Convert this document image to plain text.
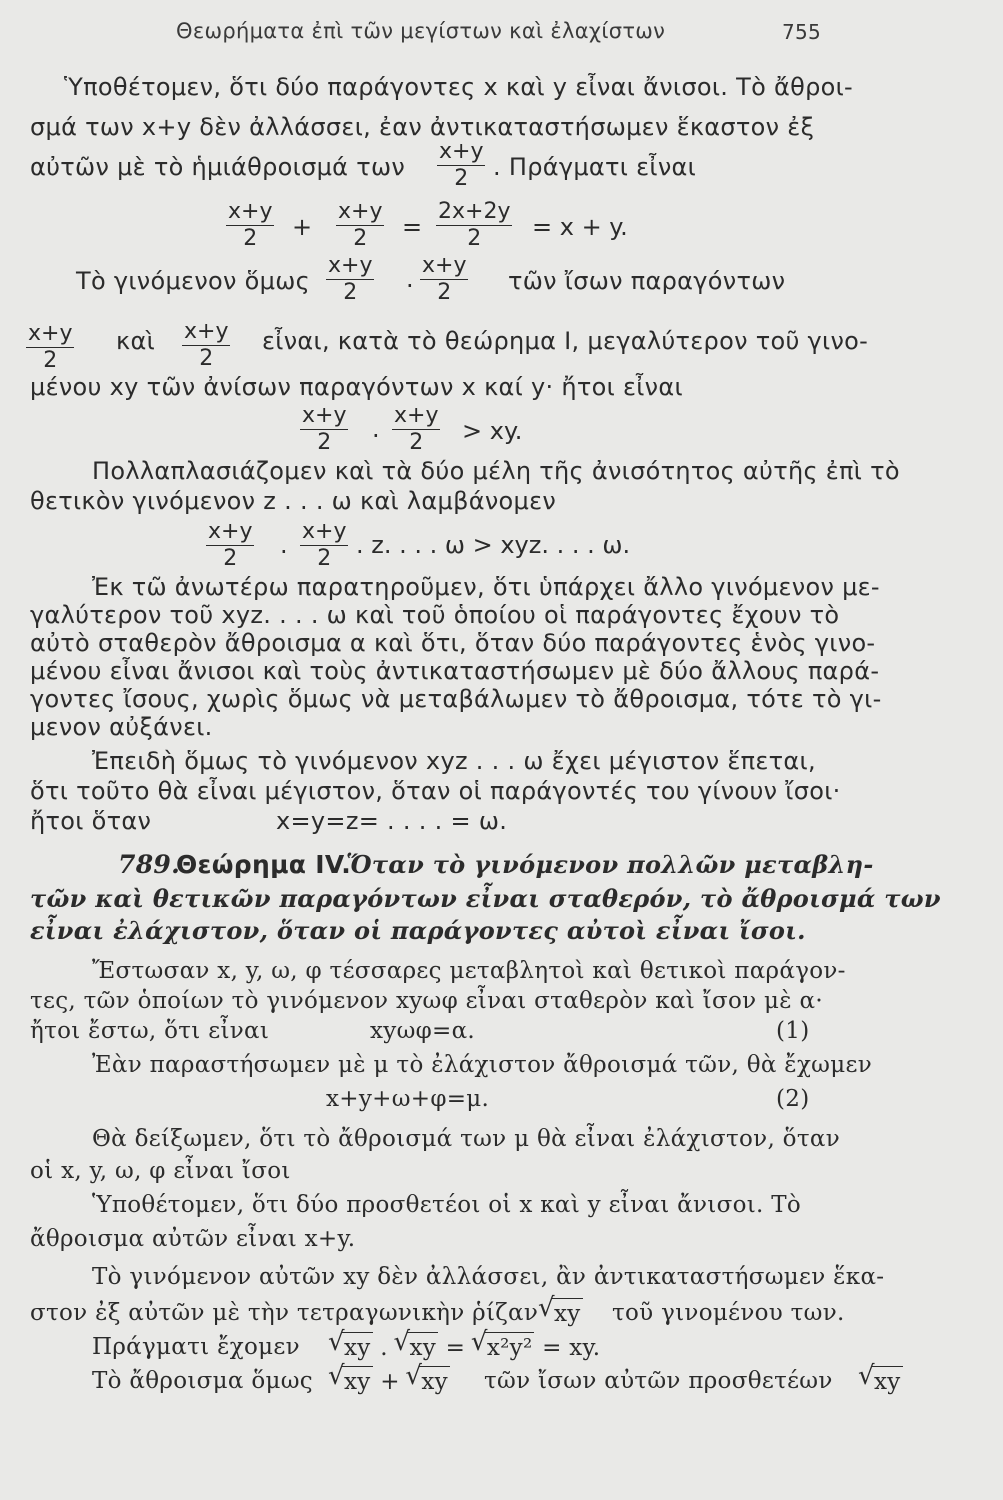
Θεωρήματα ἐπὶ τῶν μεγίστων καὶ ἐλαχίστων	755
Ὑποθέτομεν, ὅτι δύο παράγοντες x καὶ y εἶναι ἄνισοι. Τὸ ἄθροι-
σμά των x+y δὲν ἀλλάσσει, ἐαν ἀντικαταστήσωμεν ἕκαστον ἐξ
αὐτῶν μὲ τὸ ἡμιάθροισμά των
x+y
2 . Πράγματι εἶναι
x+y
2 +
x+y
2 =
2x+2y
2 = x + y.
Τὸ γινόμενον ὅμως
x+y
2 . x+y
2 τῶν ἴσων παραγόντων
x+y
2
καὶ x+y
2
εἶναι, κατὰ τὸ θεώρημα Ι, μεγαλύτερον τοῦ γινο-
μένου xy τῶν ἀνίσων παραγόντων x καί y· ἤτοι εἶναι
x+y
2 . x+y
2 > xy.
Πολλαπλασιάζομεν καὶ τὰ δύο μέλη τῆς ἀνισότητος αὐτῆς ἐπὶ τὸ
θετικὸν γινόμενον z . . . ω καὶ λαμβάνομεν
x+y
2 . x+y
2 . z. . . . ω > xyz. . . . ω.
Ἐκ τῶ ἀνωτέρω παρατηροῦμεν, ὅτι ὑπάρχει ἄλλο γινόμενον με-
γαλύτερον τοῦ xyz. . . . ω καὶ τοῦ ὁποίου οἱ παράγοντες ἔχουν τὸ
αὐτὸ σταθερὸν ἄθροισμα α καὶ ὅτι, ὅταν δύο παράγοντες ἑνὸς γινο-
μένου εἶναι ἄνισοι καὶ τοὺς ἀντικαταστήσωμεν μὲ δύο ἄλλους παρά-
γοντες ἴσους, χωρὶς ὅμως νὰ μεταβάλωμεν τὸ ἄθροισμα, τότε τὸ γι-
μενον αὐξάνει.
Ἐπειδὴ ὅμως τὸ γινόμενον xyz . . . ω ἔχει μέγιστον ἕπεται,
ὅτι τοῦτο θὰ εἶναι μέγιστον, ὅταν οἱ παράγοντές του γίνουν ἴσοι·
ἤτοι ὅταν	x=y=z= . . . . = ω.
789.
Θεώρημα IV.
Ὅταν τὸ γινόμενον πολλῶν μεταβλη-
τῶν καὶ θετικῶν παραγόντων εἶναι σταθερόν, τὸ ἄθροισμά των
εἶναι ἐλάχιστον, ὅταν οἱ παράγοντες αὐτοὶ εἶναι ἴσοι.
Ἔστωσαν x, y, ω, φ τέσσαρες μεταβλητοὶ καὶ θετικοὶ παράγον-
τες, τῶν ὁποίων τὸ γινόμενον xyωφ εἶναι σταθερὸν καὶ ἴσον μὲ α·
ἤτοι ἔστω, ὅτι εἶναι	xyωφ=α.	(1)
Ἐὰν παραστήσωμεν μὲ μ τὸ ἐλάχιστον ἄθροισμά τῶν, θὰ ἔχωμεν
x+y+ω+φ=μ.	(2)
Θὰ δείξωμεν, ὅτι τὸ ἄθροισμά των μ θὰ εἶναι ἐλάχιστον, ὅταν
οἱ x, y, ω, φ εἶναι ἴσοι
Ὑποθέτομεν, ὅτι δύο προσθετέοι οἱ x καὶ y εἶναι ἄνισοι. Τὸ
ἄθροισμα αὐτῶν εἶναι x+y.
Τὸ γινόμενον αὐτῶν xy δὲν ἀλλάσσει, ἂν ἀντικαταστήσωμεν ἕκα-
στον ἐξ αὐτῶν μὲ τὴν τετραγωνικὴν ῥίζαν √ xy τοῦ γινομένου των.
Πράγματι ἔχομεν	√ xy . √ xy = √ x²y² = xy.
Τὸ ἄθροισμα ὅμως	√ xy + √ xy τῶν ἴσων αὐτῶν προσθετέων	√ xy
